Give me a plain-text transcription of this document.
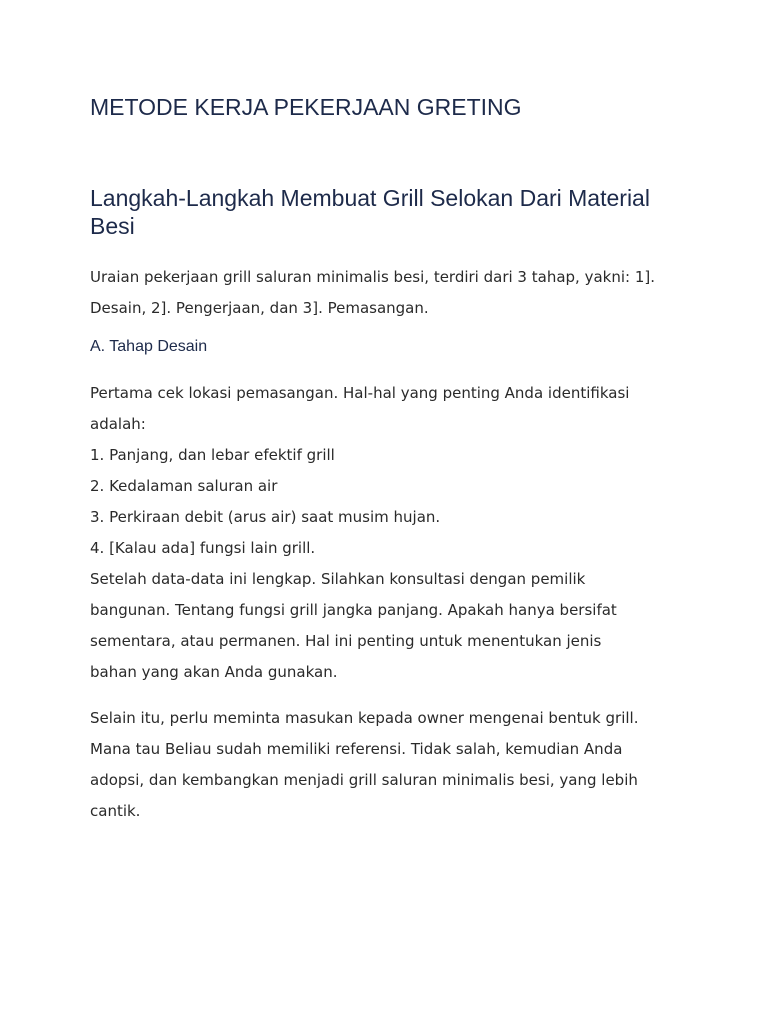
METODE KERJA PEKERJAAN GRETING
Langkah-Langkah Membuat Grill Selokan Dari Material
Besi

Uraian pekerjaan grill saluran minimalis besi, terdiri dari 3 tahap, yakni: 1].
Desain, 2]. Pengerjaan, dan 3]. Pemasangan.

A. Tahap Desain
Pertama cek lokasi pemasangan. Hal-hal yang penting Anda identifikasi
adalah:
1. Panjang, dan lebar efektif grill
2. Kedalaman saluran air
3. Perkiraan debit (arus air) saat musim hujan.
4. [Kalau ada] fungsi lain grill.
Setelah data-data ini lengkap. Silahkan konsultasi dengan pemilik
bangunan. Tentang fungsi grill jangka panjang. Apakah hanya bersifat
sementara, atau permanen. Hal ini penting untuk menentukan jenis
bahan yang akan Anda gunakan.

Selain itu, perlu meminta masukan kepada owner mengenai bentuk grill.
Mana tau Beliau sudah memiliki referensi. Tidak salah, kemudian Anda
adopsi, dan kembangkan menjadi grill saluran minimalis besi, yang lebih
cantik.
